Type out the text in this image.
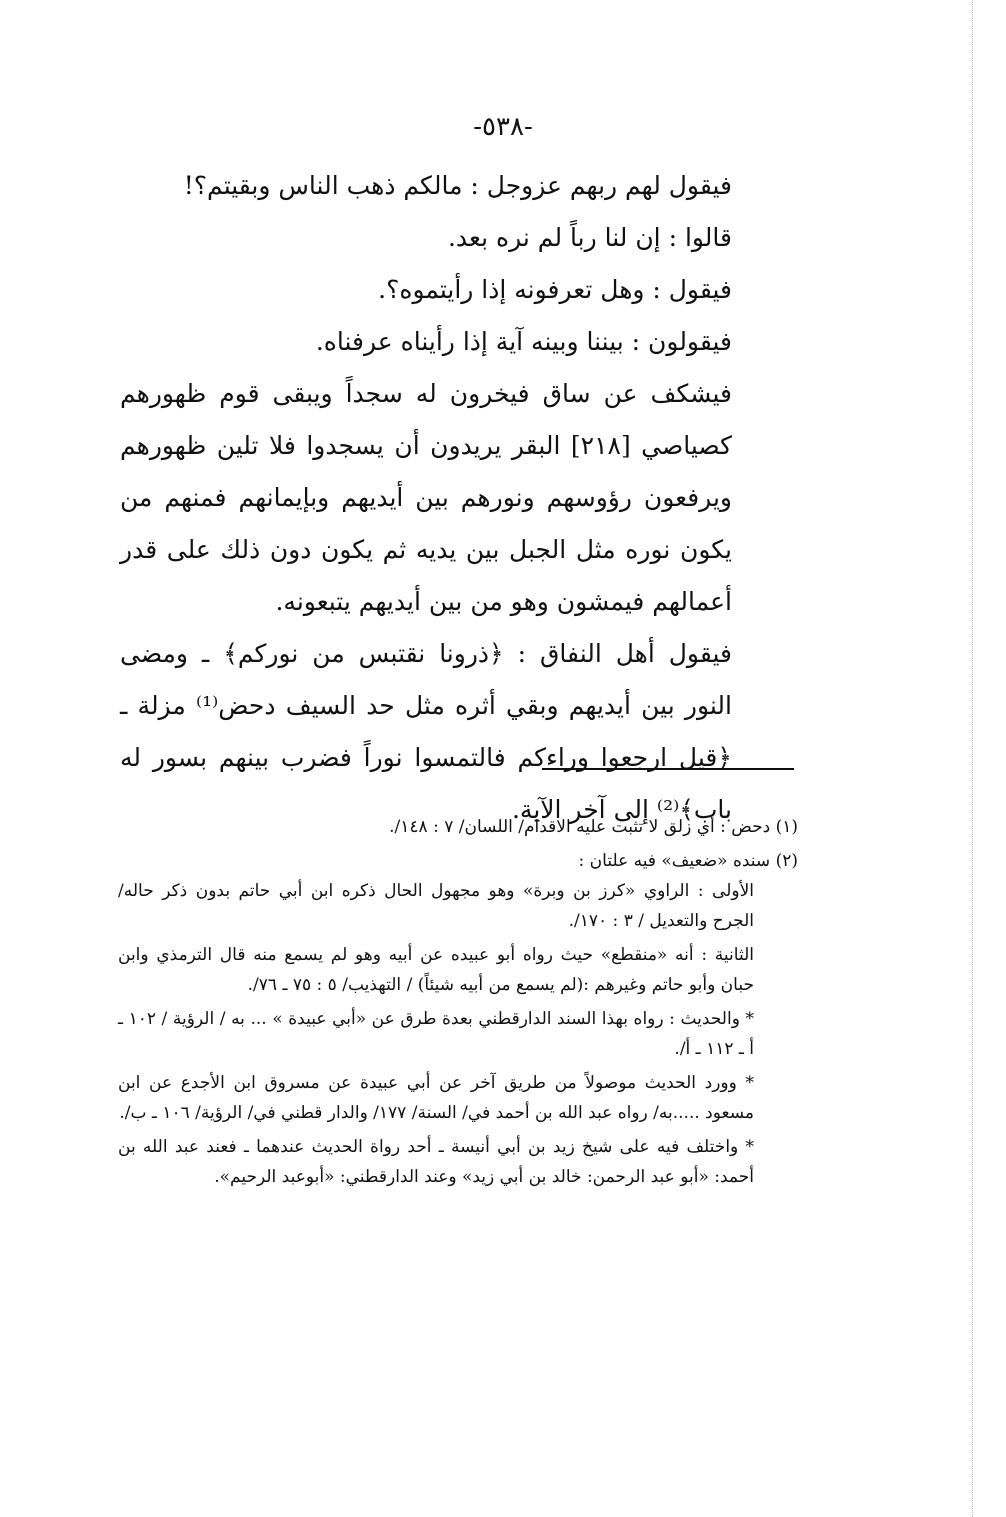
-٥٣٨-

فيقول لهم ربهم عزوجل : مالكم ذهب الناس وبقيتم؟!

قالوا : إن لنا رباً لم نره بعد.

فيقول : وهل تعرفونه إذا رأيتموه؟.

فيقولون : بيننا وبينه آية إذا رأيناه عرفناه.

فيشكف عن ساق فيخرون له سجداً ويبقى قوم ظهورهم كصياصي [٢١٨] البقر يريدون أن يسجدوا فلا تلين ظهورهم ويرفعون رؤوسهم ونورهم بين أيديهم وبإيمانهم فمنهم من يكون نوره مثل الجبل بين يديه ثم يكون دون ذلك على قدر أعمالهم فيمشون وهو من بين أيديهم يتبعونه.

فيقول أهل النفاق : ﴿ذرونا نقتبس من نوركم﴾ ـ ومضى النور بين أيديهم وبقي أثره مثل حد السيف دحض⁽¹⁾ مزلة ـ ﴿قيل ارجعوا وراءكم فالتمسوا نوراً فضرب بينهم بسور له باب﴾⁽²⁾ إلى آخر الآية.

(١) دحض : أي زلق لا تثبت عليه الاقدام/ اللسان/ ٧ : ١٤٨/.

(٢) سنده «ضعيف» فيه علتان :

الأولى : الراوي «كرز بن وبرة» وهو مجهول الحال ذكره ابن أبي حاتم بدون ذكر حاله/ الجرح والتعديل / ٣ : ١٧٠/.

الثانية : أنه «منقطع» حيث رواه أبو عبيده عن أبيه وهو لم يسمع منه قال الترمذي وابن حبان وأبو حاتم وغيرهم :(لم يسمع من أبيه شيئاً) / التهذيب/ ٥ : ٧٥ ـ ٧٦/.

* والحديث : رواه بهذا السند الدارقطني بعدة طرق عن «أبي عبيدة » ... به / الرؤية / ١٠٢ ـ أ ـ ١١٢ ـ أ/.

* وورد الحديث موصولاً من طريق آخر عن أبي عبيدة عن مسروق ابن الأجدع عن ابن مسعود .....به/ رواه عبد الله بن أحمد في/ السنة/ ١٧٧/ والدار قطني في/ الرؤية/ ١٠٦ ـ ب/.

* واختلف فيه على شيخ زيد بن أبي أنيسة ـ أحد رواة الحديث عندهما ـ فعند عبد الله بن أحمد: «أبو عبد الرحمن: خالد بن أبي زيد» وعند الدارقطني: «أبوعبد الرحيم».
